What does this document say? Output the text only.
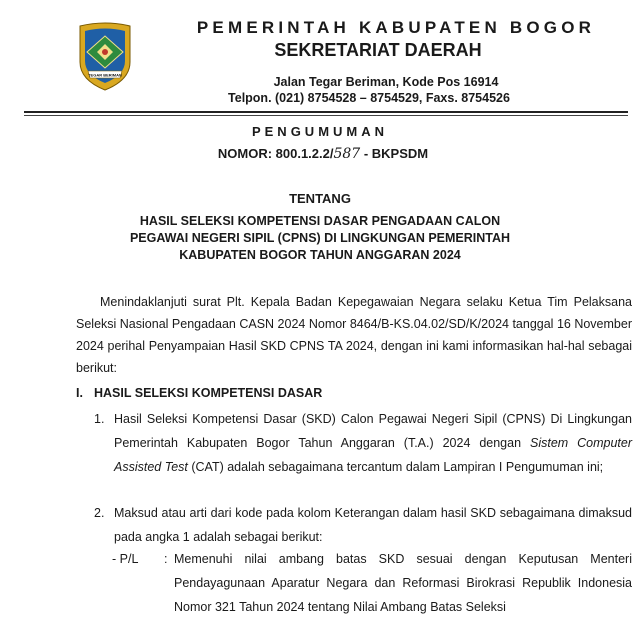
TEGAR BERIMAN
PEMERINTAH KABUPATEN BOGOR
SEKRETARIAT DAERAH
Jalan Tegar Beriman, Kode Pos 16914
Telpon. (021) 8754528 – 8754529, Faxs. 8754526
PENGUMUMAN
NOMOR: 800.1.2.2/587 - BKPSDM
TENTANG
HASIL SELEKSI KOMPETENSI DASAR PENGADAAN CALON
PEGAWAI NEGERI SIPIL (CPNS) DI LINGKUNGAN PEMERINTAH
KABUPATEN BOGOR TAHUN ANGGARAN 2024
Menindaklanjuti surat Plt. Kepala Badan Kepegawaian Negara selaku Ketua Tim Pelaksana Seleksi Nasional Pengadaan CASN 2024 Nomor 8464/B-KS.04.02/SD/K/2024 tanggal 16 November 2024 perihal Penyampaian Hasil SKD CPNS TA 2024, dengan ini kami informasikan hal-hal sebagai berikut:
I. HASIL SELEKSI KOMPETENSI DASAR
1. Hasil Seleksi Kompetensi Dasar (SKD) Calon Pegawai Negeri Sipil (CPNS) Di Lingkungan Pemerintah Kabupaten Bogor Tahun Anggaran (T.A.) 2024 dengan Sistem Computer Assisted Test (CAT) adalah sebagaimana tercantum dalam Lampiran I Pengumuman ini;
2. Maksud atau arti dari kode pada kolom Keterangan dalam hasil SKD sebagaimana dimaksud pada angka 1 adalah sebagai berikut:
- P/L : Memenuhi nilai ambang batas SKD sesuai dengan Keputusan Menteri Pendayagunaan Aparatur Negara dan Reformasi Birokrasi Republik Indonesia Nomor 321 Tahun 2024 tentang Nilai Ambang Batas Seleksi
